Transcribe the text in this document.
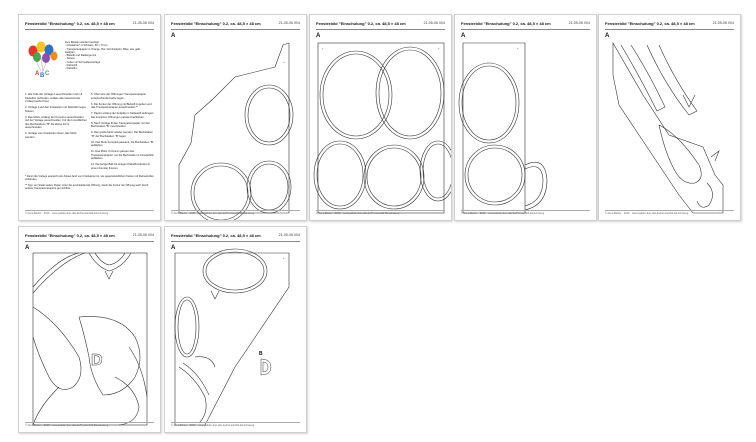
Fensterbild "Einschulung" 0.2, ca. 48,5 × 48 cm	21-05-06 004
A B C
Zum Basteln werden benötigt:
- Fotokarton* in Schwarz, 50 × 70 cm
- Transparentpapier in Orange, Rot, Grünhellgrün, Blau, Lila, gelb,
Hellgrün
- Bleistift und Radiergummi
- Schere
- Cutter mit Schneideunterlage
- Klebestift
- Klebefilm

1. Alle Teile der Vorlage A ausschneiden und mit Klebefilm verbinden, sodass das Gesamtmotiv vorliegt (siehe Foto).

2. Vorlage A auf den Fotokarton mit Klebefilm legen fixieren.

3. Das Motiv, entlang der Konturen ausschneiden. Auf der Vorlage ausschneiden. Für die Innenflächen des Buchstabens "B" die kleine Form ausschneiden.

4. Vorlage vom Fotokarton lösen, das Motiv wenden.

5. Über eine der Öffnungen Transparentpapier entsprechende Farbe legen.

6. Die Kontur der Öffnung mit Bleistift zugeben und das Transparentpapier ausschneiden.**

7. Papier entlang der Aufgabe in Klebestift auftragen. Die einzelnen Öffnungen passend aufkleben.

8. Nach Vorlage B das Transparentpapier mit den Buchstaben "B" zuschneiden.

9. Das große Motiv wieder wenden. Die Buchstaben "B" der Buchstaben "B" legen.

10. Das Motiv komplett passend, die Buchstaben "B" aufkleben.

11. Das Motiv, Konturen passen das Transparentpapier, um die Buchstabe im Fensterbild aufkleben.

12. Die fertige Bild mit einigen Klebefilmstreifen in einem Fenster fixieren.

* Damit die Vorlage ausreicht der Anlass fand vom Fotokarton ist, wie gegenständlichen Karten mit Klebestreifen verbinden.

** Tipp: am Stelle weites Papier unter die auszuklebende Öffnung, damit die Kontur der Öffnung auch durch andere Transparentpapiere gut sichtbar.

© Ilona Bieber · 2016 · www.palette-fuer-alle.de/Fensterbild-Einschulung
Fensterbild "Einschulung" 0.2, ca. 48,5 × 48 cm	21-05-06 004
A
+
+	+
© Ilona Bieber · 2016 · www.palette-fuer-alle.de/Fensterbild-Einschulung
Fensterbild "Einschulung" 0.2, ca. 48,5 × 48 cm	21-05-06 004
A
+	+
+	+
© Ilona Bieber · 2016 · www.palette-fuer-alle.de/Fensterbild-Einschulung
Fensterbild "Einschulung" 0.2, ca. 48,5 × 48 cm	21-05-06 004
A
+
+
© Ilona Bieber · 2016 · www.palette-fuer-alle.de/Fensterbild-Einschulung
Fensterbild "Einschulung" 0.2, ca. 48,5 × 48 cm	21-05-06 004
A
+
© Ilona Bieber · 2016 · www.palette-fuer-alle.de/Fensterbild-Einschulung
Fensterbild "Einschulung" 0.2, ca. 48,5 × 48 cm	21-05-06 004
A
D
+	+
© Ilona Bieber · 2016 · www.palette-fuer-alle.de/Fensterbild-Einschulung
Fensterbild "Einschulung" 0.2, ca. 48,5 × 48 cm	21-05-06 004
A
+
+
B
© Ilona Bieber · 2016 · www.palette-fuer-alle.de/Fensterbild-Einschulung
